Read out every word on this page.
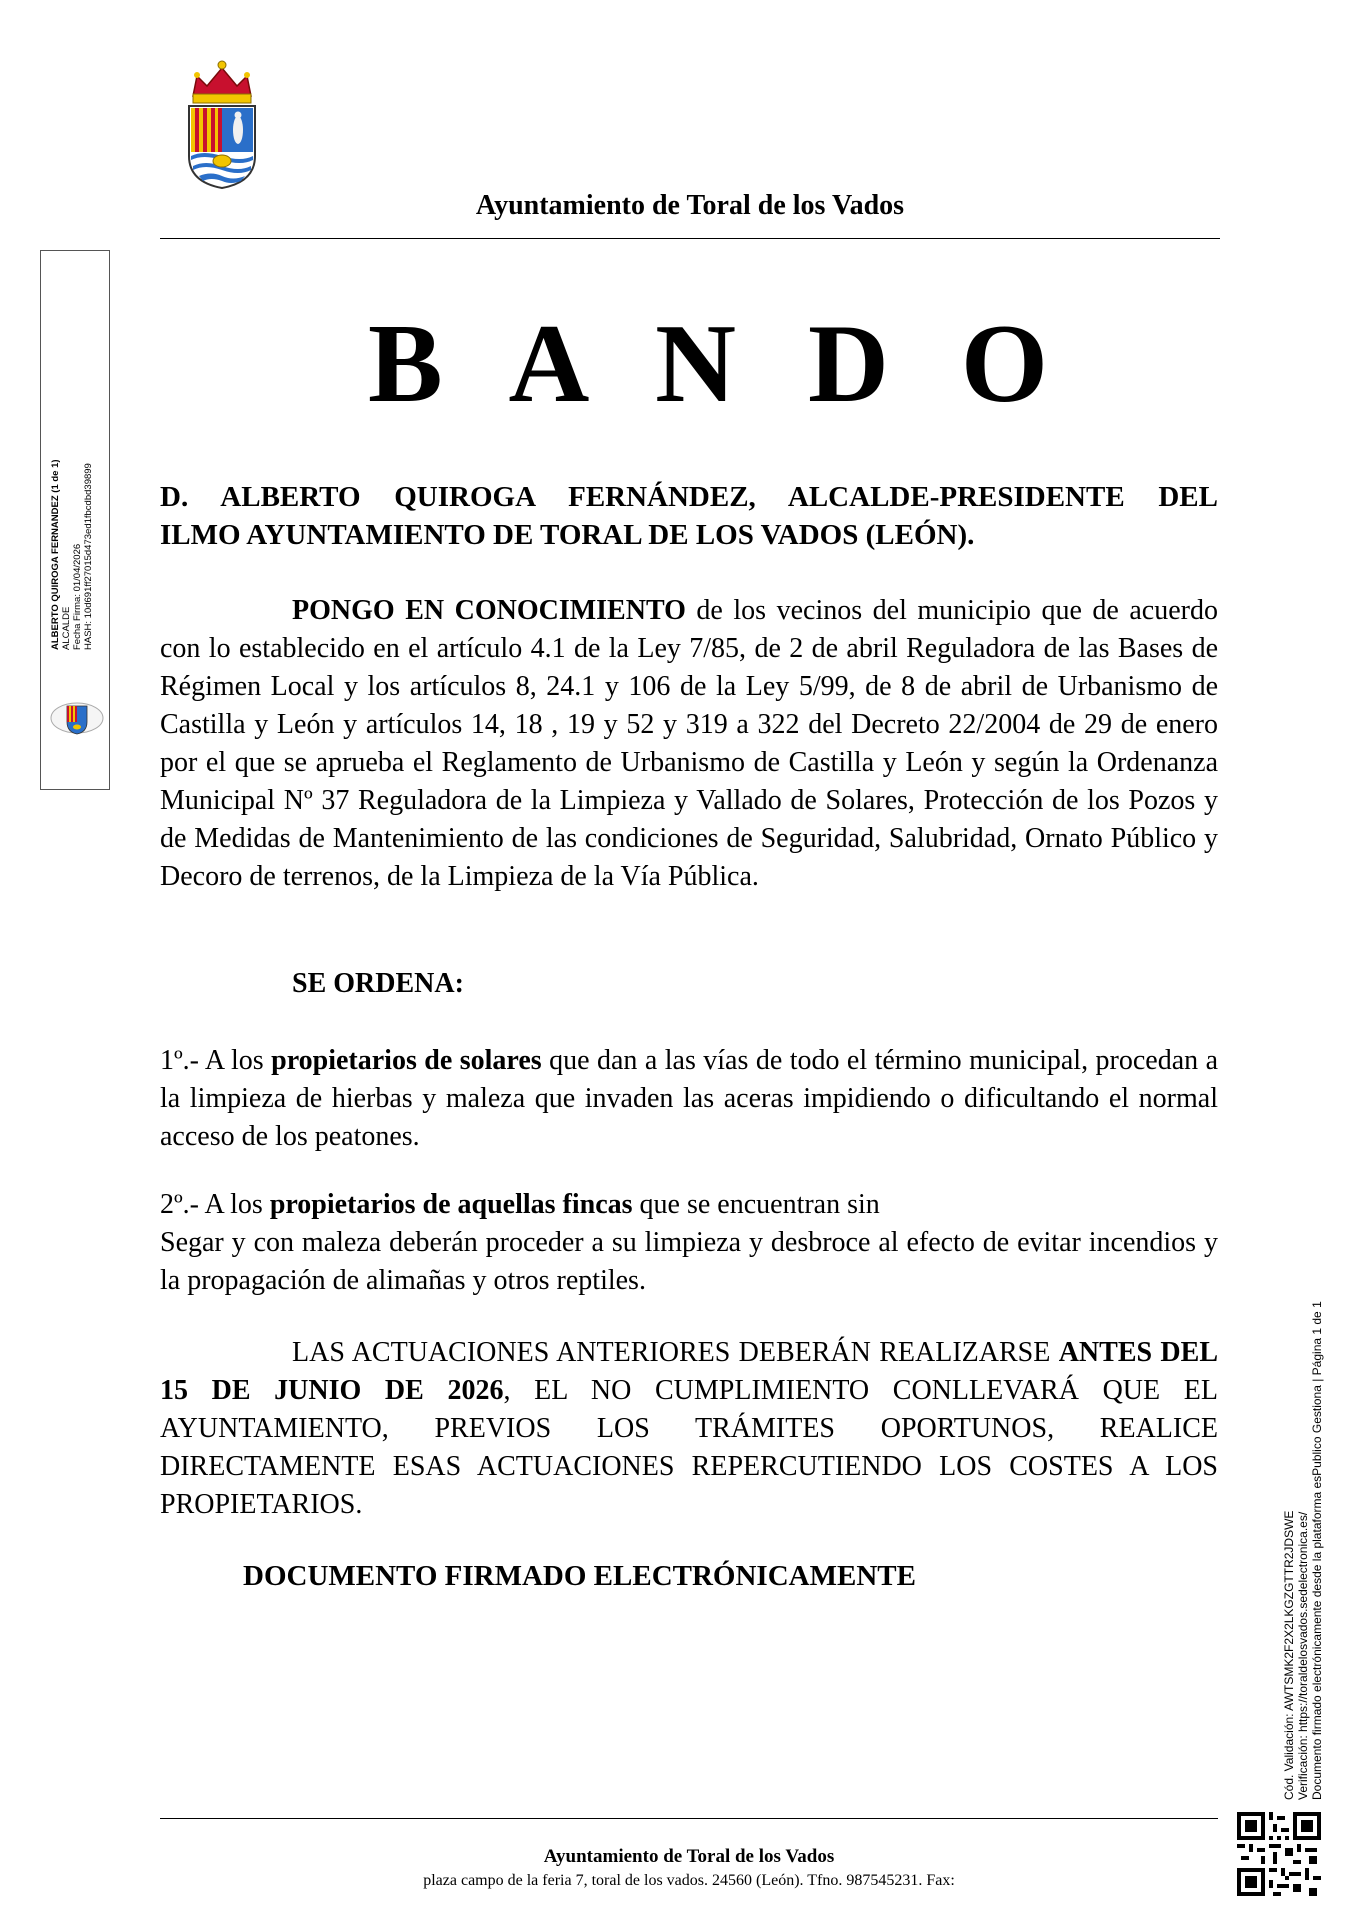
Ayuntamiento de Toral de los Vados
B A N D O
D. ALBERTO QUIROGA FERNÁNDEZ, ALCALDE-PRESIDENTE DEL
ILMO AYUNTAMIENTO DE TORAL DE LOS VADOS (LEÓN).
PONGO EN CONOCIMIENTO de los vecinos del municipio que de acuerdo con lo establecido en el artículo 4.1 de la Ley 7/85, de 2 de abril Reguladora de las Bases de Régimen Local y los artículos 8, 24.1 y 106 de la Ley 5/99, de 8 de abril de Urbanismo de Castilla y León y artículos 14, 18 , 19 y 52 y 319 a 322 del Decreto 22/2004 de 29 de enero por el que se aprueba el Reglamento de Urbanismo de Castilla y León y según la Ordenanza Municipal Nº 37 Reguladora de la Limpieza y Vallado de Solares, Protección de los Pozos y de Medidas de Mantenimiento de las condiciones de Seguridad, Salubridad, Ornato Público y Decoro de terrenos, de la Limpieza de la Vía Pública.
SE ORDENA:
1º.- A los propietarios de solares que dan a las vías de todo el término municipal, procedan a la limpieza de hierbas y maleza que invaden las aceras impidiendo o dificultando el normal acceso de los peatones.
2º.- A los propietarios de aquellas fincas que se encuentran sin
Segar y con maleza deberán proceder a su limpieza y desbroce al efecto de evitar incendios y la propagación de alimañas y otros reptiles.
LAS ACTUACIONES ANTERIORES DEBERÁN REALIZARSE ANTES DEL 15 DE JUNIO DE 2026, EL NO CUMPLIMIENTO CONLLEVARÁ QUE EL AYUNTAMIENTO, PREVIOS LOS TRÁMITES OPORTUNOS, REALICE DIRECTAMENTE ESAS ACTUACIONES REPERCUTIENDO LOS COSTES A LOS PROPIETARIOS.
DOCUMENTO FIRMADO ELECTRÓNICAMENTE
ALBERTO QUIROGA FERNANDEZ (1 de 1) ALCALDE Fecha Firma: 01/04/2026 HASH: 10d691ff27015d473ed1fbcdbd39899
Cód. Validación: AWTSMK2F2X2LKGZGTTR2JDSWE Verificación: https://toraldelosvados.sedelectronica.es/ Documento firmado electrónicamente desde la plataforma esPublico Gestiona | Página 1 de 1
Ayuntamiento de Toral de los Vados
plaza campo de la feria 7, toral de los vados. 24560 (León). Tfno. 987545231. Fax:
